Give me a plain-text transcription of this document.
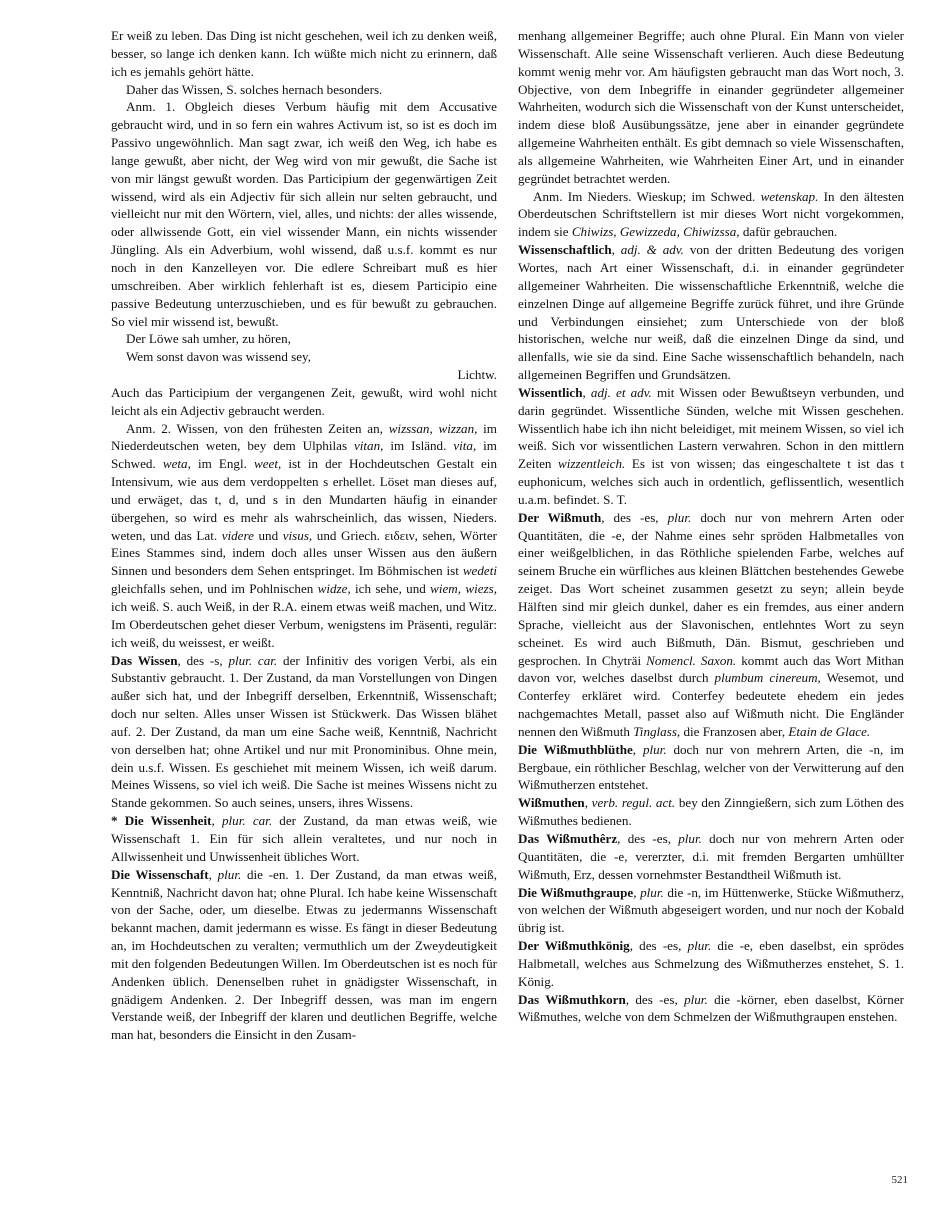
Er weiß zu leben. Das Ding ist nicht geschehen, weil ich zu denken weiß, besser, so lange ich denken kann. Ich wüßte mich nicht zu erinnern, daß ich es jemahls gehört hätte.

Daher das Wissen, S. solches hernach besonders.

Anm. 1. Obgleich dieses Verbum häufig mit dem Accusative gebraucht wird, und in so fern ein wahres Activum ist, so ist es doch im Passivo ungewöhnlich. Man sagt zwar, ich weiß den Weg, ich habe es lange gewußt, aber nicht, der Weg wird von mir gewußt, die Sache ist von mir längst gewußt worden. Das Participium der gegenwärtigen Zeit wissend, wird als ein Adjectiv für sich allein nur selten gebraucht, und vielleicht nur mit den Wörtern, viel, alles, und nichts: der alles wissende, oder allwissende Gott, ein viel wissender Mann, ein nichts wissender Jüngling. Als ein Adverbium, wohl wissend, daß u.s.f. kommt es nur noch in den Kanzelleyen vor. Die edlere Schreibart muß es hier umschreiben. Aber wirklich fehlerhaft ist es, diesem Participio eine passive Bedeutung unterzuschieben, und es für bewußt zu gebrauchen. So viel mir wissend ist, bewußt.

Der Löwe sah umher, zu hören,

Wem sonst davon was wissend sey,

Lichtw.

Auch das Participium der vergangenen Zeit, gewußt, wird wohl nicht leicht als ein Adjectiv gebraucht werden.

Anm. 2. Wissen, von den frühesten Zeiten an, wizssan, wizzan, im Niederdeutschen weten, bey dem Ulphilas vitan, im Isländ. vita, im Schwed. weta, im Engl. weet, ist in der Hochdeutschen Gestalt ein Intensivum, wie aus dem verdoppelten s erhellet. Löset man dieses auf, und erwäget, das t, d, und s in den Mundarten häufig in einander übergehen, so wird es mehr als wahrscheinlich, das wissen, Nieders. weten, und das Lat. videre und visus, und Griech. ειδειν, sehen, Wörter Eines Stammes sind, indem doch alles unser Wissen aus den äußern Sinnen und besonders dem Sehen entspringet. Im Böhmischen ist wedeti gleichfalls sehen, und im Pohlnischen widze, ich sehe, und wiem, wiezs, ich weiß. S. auch Weiß, in der R.A. einem etwas weiß machen, und Witz. Im Oberdeutschen gehet dieser Verbum, wenigstens im Präsenti, regulär: ich weiß, du weissest, er weißt.

Das Wissen, des -s, plur. car. der Infinitiv des vorigen Verbi, als ein Substantiv gebraucht. 1. Der Zustand, da man Vorstellungen von Dingen außer sich hat, und der Inbegriff derselben, Erkenntniß, Wissenschaft; doch nur selten. Alles unser Wissen ist Stückwerk. Das Wissen blähet auf. 2. Der Zustand, da man um eine Sache weiß, Kenntniß, Nachricht von derselben hat; ohne Artikel und nur mit Pronominibus. Ohne mein, dein u.s.f. Wissen. Es geschiehet mit meinem Wissen, ich weiß darum. Meines Wissens, so viel ich weiß. Die Sache ist meines Wissens nicht zu Stande gekommen. So auch seines, unsers, ihres Wissens.

* Die Wissenheit, plur. car. der Zustand, da man etwas weiß, wie Wissenschaft 1. Ein für sich allein veraltetes, und nur noch in Allwissenheit und Unwissenheit übliches Wort.

Die Wissenschaft, plur. die -en. 1. Der Zustand, da man etwas weiß, Kenntniß, Nachricht davon hat; ohne Plural. Ich habe keine Wissenschaft von der Sache, oder, um dieselbe. Etwas zu jedermanns Wissenschaft bekannt machen, damit jedermann es wisse. Es fängt in dieser Bedeutung an, im Hochdeutschen zu veralten; vermuthlich um der Zweydeutigkeit mit den folgenden Bedeutungen Willen. Im Oberdeutschen ist es noch für Andenken üblich. Denenselben ruhet in gnädigster Wissenschaft, in gnädigem Andenken. 2. Der Inbegriff dessen, was man im engern Verstande weiß, der Inbegriff der klaren und deutlichen Begriffe, welche man hat, besonders die Einsicht in den Zusam-

menhang allgemeiner Begriffe; auch ohne Plural. Ein Mann von vieler Wissenschaft. Alle seine Wissenschaft verlieren. Auch diese Bedeutung kommt wenig mehr vor. Am häufigsten gebraucht man das Wort noch, 3. Objective, von dem Inbegriffe in einander gegründeter allgemeiner Wahrheiten, wodurch sich die Wissenschaft von der Kunst unterscheidet, indem diese bloß Ausübungssätze, jene aber in einander gegründete allgemeine Wahrheiten enthält. Es gibt demnach so viele Wissenschaften, als allgemeine Wahrheiten, wie Wahrheiten Einer Art, und in einander gegründet betrachtet werden.

Anm. Im Nieders. Wieskup; im Schwed. wetenskap. In den ältesten Oberdeutschen Schriftstellern ist mir dieses Wort nicht vorgekommen, indem sie Chiwizs, Gewizzeda, Chiwizssa, dafür gebrauchen.

Wissenschaftlich, adj. & adv. von der dritten Bedeutung des vorigen Wortes, nach Art einer Wissenschaft, d.i. in einander gegründeter allgemeiner Wahrheiten. Die wissenschaftliche Erkenntniß, welche die einzelnen Dinge auf allgemeine Begriffe zurück führet, und ihre Gründe und Verbindungen einsiehet; zum Unterschiede von der bloß historischen, welche nur weiß, daß die einzelnen Dinge da sind, und allenfalls, wie sie da sind. Eine Sache wissenschaftlich behandeln, nach allgemeinen Begriffen und Grundsätzen.

Wissentlich, adj. et adv. mit Wissen oder Bewußtseyn verbunden, und darin gegründet. Wissentliche Sünden, welche mit Wissen geschehen. Wissentlich habe ich ihn nicht beleidiget, mit meinem Wissen, so viel ich weiß. Sich vor wissentlichen Lastern verwahren. Schon in den mittlern Zeiten wizzentleich. Es ist von wissen; das eingeschaltete t ist das t euphonicum, welches sich auch in ordentlich, geflissentlich, wesentlich u.a.m. befindet. S. T.

Der Wißmuth, des -es, plur. doch nur von mehrern Arten oder Quantitäten, die -e, der Nahme eines sehr spröden Halbmetalles von einer weißgelblichen, in das Röthliche spielenden Farbe, welches auf seinem Bruche ein würfliches aus kleinen Blättchen bestehendes Gewebe zeiget. Das Wort scheinet zusammen gesetzt zu seyn; allein beyde Hälften sind mir gleich dunkel, daher es ein fremdes, aus einer andern Sprache, vielleicht aus der Slavonischen, entlehntes Wort zu seyn scheinet. Es wird auch Bißmuth, Dän. Bismut, geschrieben und gesprochen. In Chyträi Nomencl. Saxon. kommt auch das Wort Mithan davon vor, welches daselbst durch plumbum cinereum, Wesemot, und Conterfey erkläret wird. Conterfey bedeutete ehedem ein jedes nachgemachtes Metall, passet also auf Wißmuth nicht. Die Engländer nennen den Wißmuth Tinglass, die Franzosen aber, Etain de Glace.

Die Wißmuthblüthe, plur. doch nur von mehrern Arten, die -n, im Bergbaue, ein röthlicher Beschlag, welcher von der Verwitterung auf den Wißmutherzen entstehet.

Wißmuthen, verb. regul. act. bey den Zinngießern, sich zum Löthen des Wißmuthes bedienen.

Das Wißmuthêrz, des -es, plur. doch nur von mehrern Arten oder Quantitäten, die -e, vererzter, d.i. mit fremden Bergarten umhüllter Wißmuth, Erz, dessen vornehmster Bestandtheil Wißmuth ist.

Die Wißmuthgraupe, plur. die -n, im Hüttenwerke, Stücke Wißmutherz, von welchen der Wißmuth abgeseigert worden, und nur noch der Kobald übrig ist.

Der Wißmuthkönig, des -es, plur. die -e, eben daselbst, ein sprödes Halbmetall, welches aus Schmelzung des Wißmutherzes enstehet, S. 1. König.

Das Wißmuthkorn, des -es, plur. die -körner, eben daselbst, Körner Wißmuthes, welche von dem Schmelzen der Wißmuthgraupen enstehen.

521
